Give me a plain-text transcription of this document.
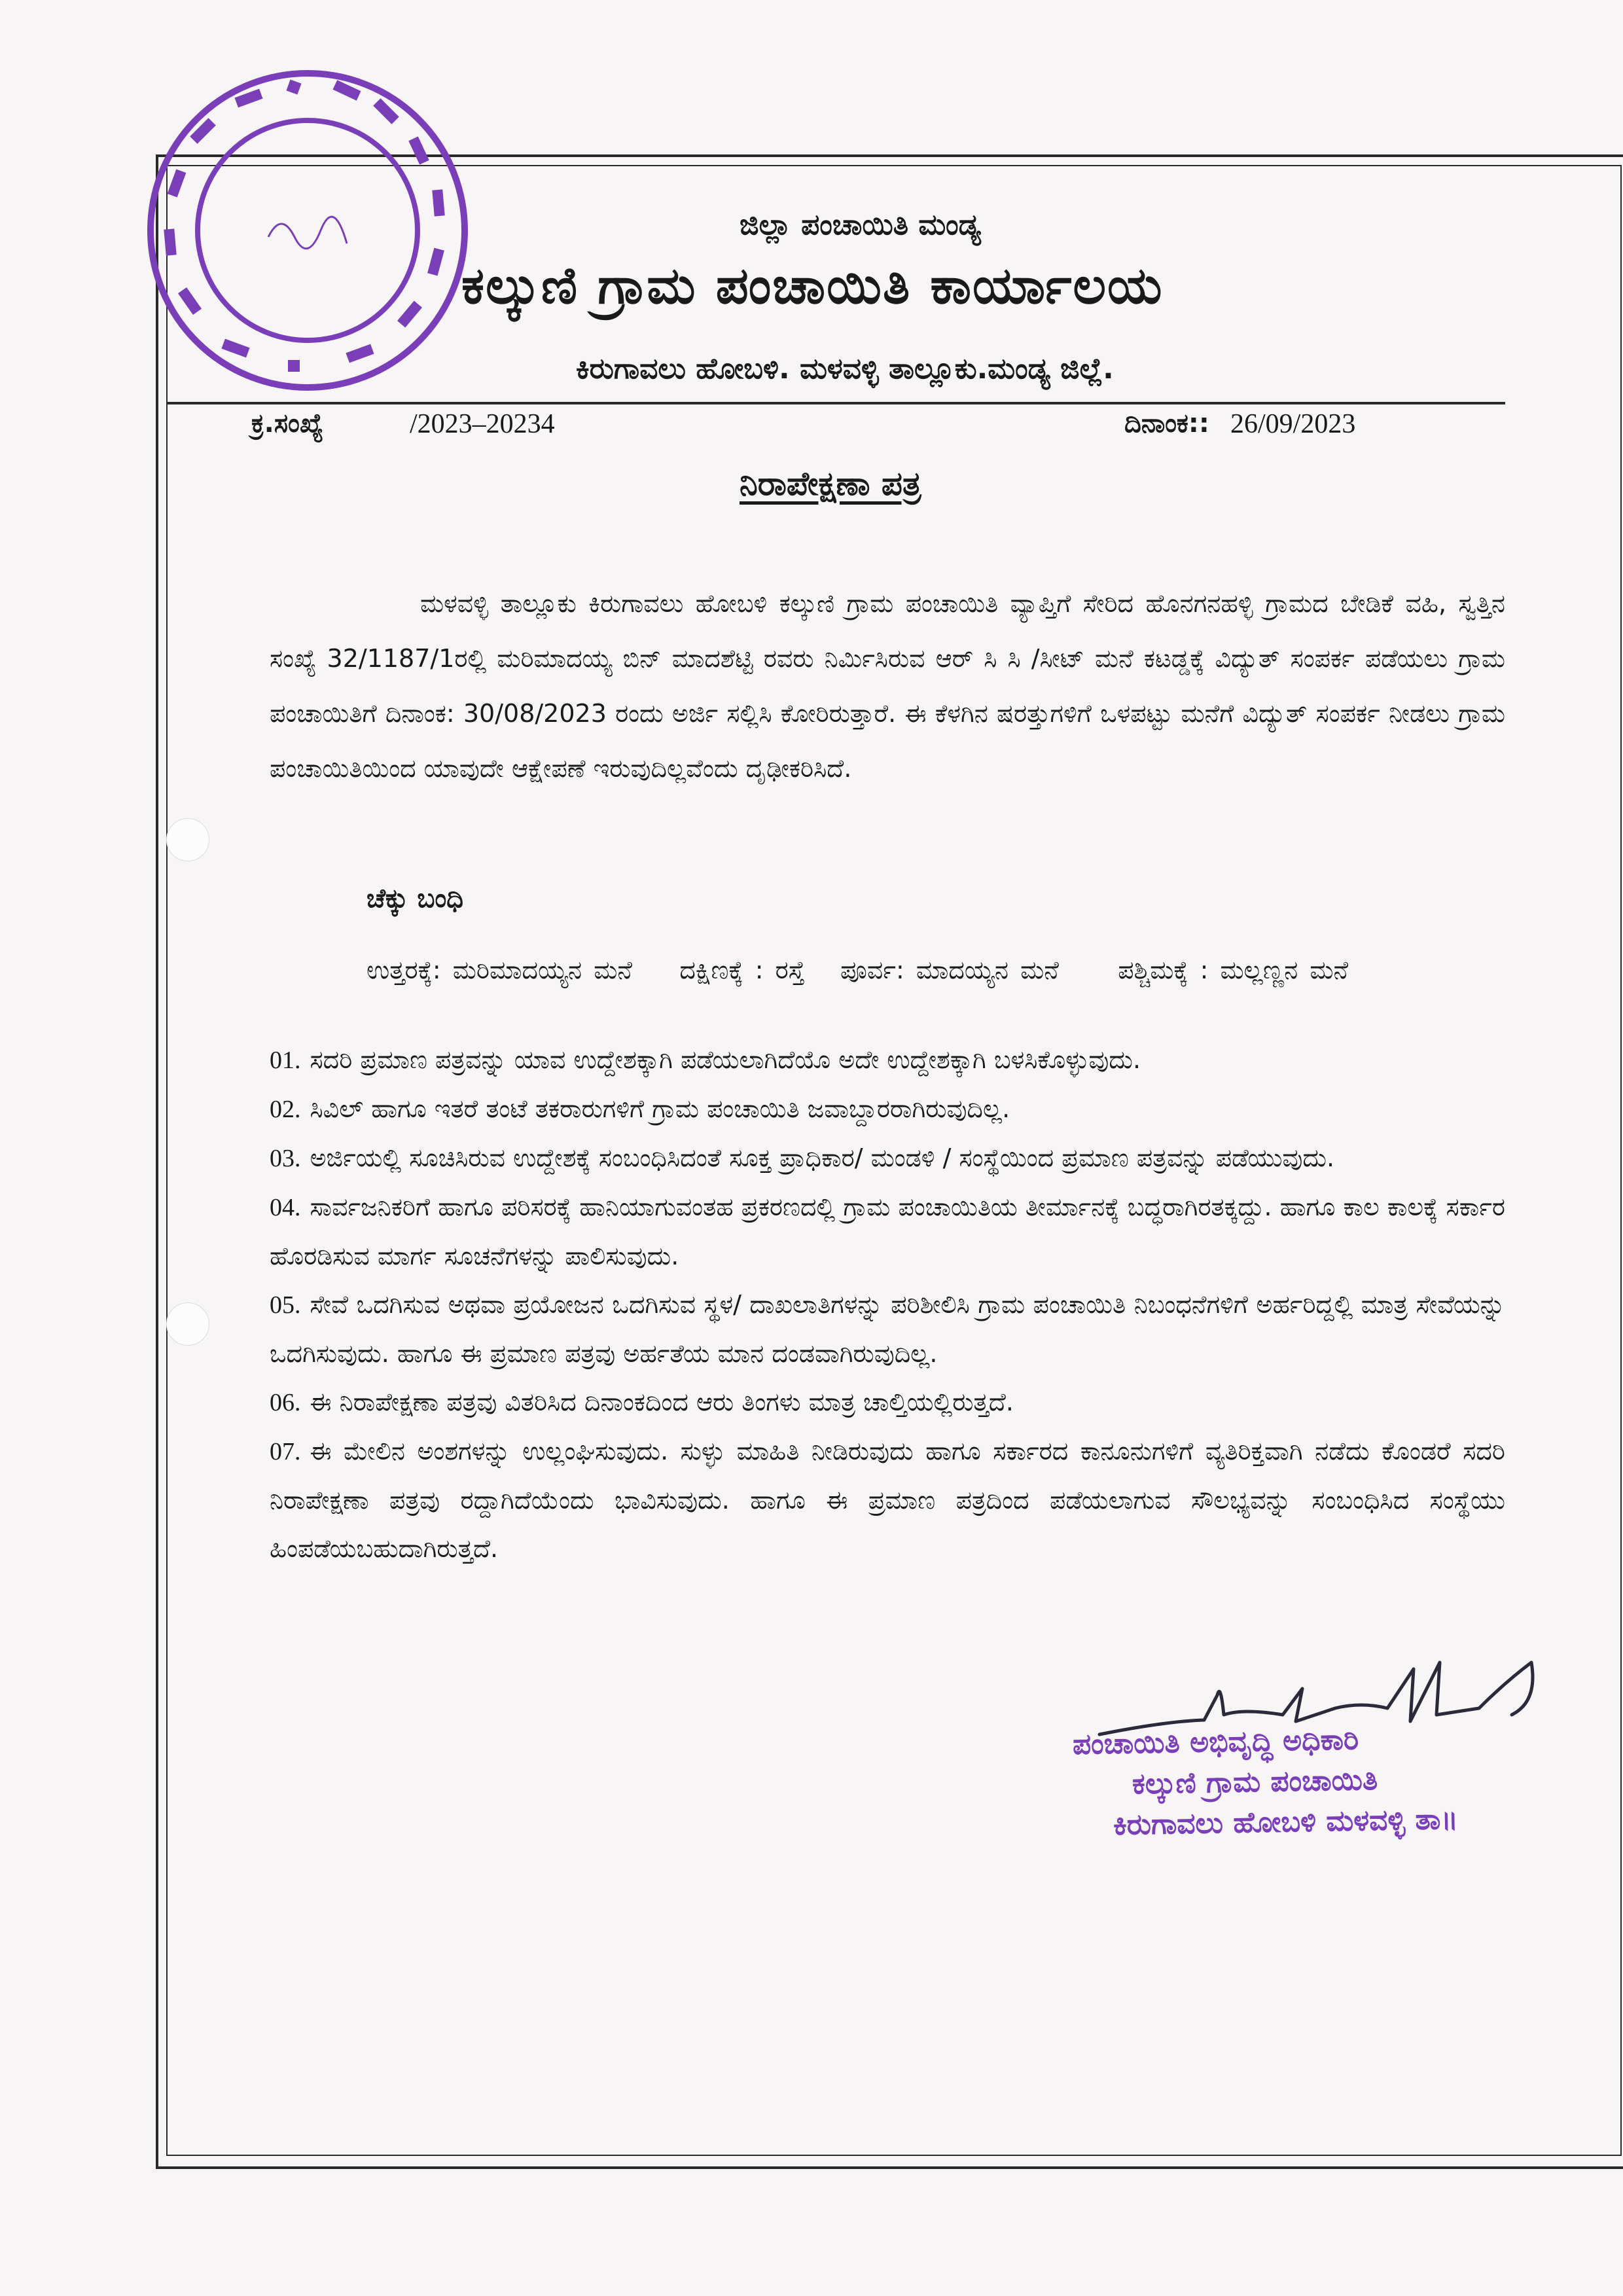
ಜಿಲ್ಲಾ ಪಂಚಾಯಿತಿ ಮಂಡ್ಯ
ಕಲ್ಕುಣಿ ಗ್ರಾಮ ಪಂಚಾಯಿತಿ ಕಾರ್ಯಾಲಯ
ಕಿರುಗಾವಲು ಹೋಬಳಿ. ಮಳವಳ್ಳಿ ತಾಲ್ಲೂಕು.ಮಂಡ್ಯ ಜಿಲ್ಲೆ.
ಕ್ರ.ಸಂಖ್ಯೆ	/2023–20234	ದಿನಾಂಕ:: 26/09/2023
ನಿರಾಪೇಕ್ಷಣಾ ಪತ್ರ

ಮಳವಳ್ಳಿ ತಾಲ್ಲೂಕು ಕಿರುಗಾವಲು ಹೋಬಳಿ ಕಲ್ಕುಣಿ ಗ್ರಾಮ ಪಂಚಾಯಿತಿ ವ್ಯಾಪ್ತಿಗೆ ಸೇರಿದ ಹೊನಗನಹಳ್ಳಿ ಗ್ರಾಮದ ಬೇಡಿಕೆ ವಹಿ, ಸ್ವತ್ತಿನ ಸಂಖ್ಯೆ 32/1187/1ರಲ್ಲಿ ಮರಿಮಾದಯ್ಯ ಬಿನ್ ಮಾದಶೆಟ್ಟಿ ರವರು ನಿರ್ಮಿಸಿರುವ ಆರ್ ಸಿ ಸಿ /ಸೀಟ್ ಮನೆ ಕಟಡ್ಡಕ್ಕೆ ವಿದ್ಯುತ್ ಸಂಪರ್ಕ ಪಡೆಯಲು ಗ್ರಾಮ ಪಂಚಾಯಿತಿಗೆ ದಿನಾಂಕ: 30/08/2023 ರಂದು ಅರ್ಜಿ ಸಲ್ಲಿಸಿ ಕೋರಿರುತ್ತಾರೆ. ಈ ಕೆಳಗಿನ ಷರತ್ತುಗಳಿಗೆ ಒಳಪಟ್ಟು ಮನೆಗೆ ವಿದ್ಯುತ್ ಸಂಪರ್ಕ ನೀಡಲು ಗ್ರಾಮ ಪಂಚಾಯಿತಿಯಿಂದ ಯಾವುದೇ ಆಕ್ಷೇಪಣೆ ಇರುವುದಿಲ್ಲವೆಂದು ದೃಢೀಕರಿಸಿದೆ.

ಚೆಕ್ಕು ಬಂಧಿ
ಉತ್ತರಕ್ಕೆ: ಮರಿಮಾದಯ್ಯನ ಮನೆ    ದಕ್ಷಿಣಕ್ಕೆ : ರಸ್ತೆ   ಪೂರ್ವ: ಮಾದಯ್ಯನ ಮನೆ     ಪಶ್ಚಿಮಕ್ಕೆ : ಮಲ್ಲಣ್ಣನ ಮನೆ

01. ಸದರಿ ಪ್ರಮಾಣ ಪತ್ರವನ್ನು ಯಾವ ಉದ್ದೇಶಕ್ಕಾಗಿ ಪಡೆಯಲಾಗಿದೆಯೊ ಅದೇ ಉದ್ದೇಶಕ್ಕಾಗಿ ಬಳಸಿಕೊಳ್ಳುವುದು.

02. ಸಿವಿಲ್ ಹಾಗೂ ಇತರೆ ತಂಟೆ ತಕರಾರುಗಳಿಗೆ ಗ್ರಾಮ ಪಂಚಾಯಿತಿ ಜವಾಬ್ದಾರರಾಗಿರುವುದಿಲ್ಲ.

03. ಅರ್ಜಿಯಲ್ಲಿ ಸೂಚಿಸಿರುವ ಉದ್ದೇಶಕ್ಕೆ ಸಂಬಂಧಿಸಿದಂತೆ ಸೂಕ್ತ ಪ್ರಾಧಿಕಾರ/ ಮಂಡಳಿ / ಸಂಸ್ಥೆಯಿಂದ ಪ್ರಮಾಣ ಪತ್ರವನ್ನು ಪಡೆಯುವುದು.

04. ಸಾರ್ವಜನಿಕರಿಗೆ ಹಾಗೂ ಪರಿಸರಕ್ಕೆ ಹಾನಿಯಾಗುವಂತಹ ಪ್ರಕರಣದಲ್ಲಿ ಗ್ರಾಮ ಪಂಚಾಯಿತಿಯ ತೀರ್ಮಾನಕ್ಕೆ ಬದ್ಧರಾಗಿರತಕ್ಕದ್ದು. ಹಾಗೂ ಕಾಲ ಕಾಲಕ್ಕೆ ಸರ್ಕಾರ ಹೊರಡಿಸುವ ಮಾರ್ಗ ಸೂಚನೆಗಳನ್ನು ಪಾಲಿಸುವುದು.

05. ಸೇವೆ ಒದಗಿಸುವ ಅಥವಾ ಪ್ರಯೋಜನ ಒದಗಿಸುವ ಸ್ಥಳ/ ದಾಖಲಾತಿಗಳನ್ನು ಪರಿಶೀಲಿಸಿ ಗ್ರಾಮ ಪಂಚಾಯಿತಿ ನಿಬಂಧನೆಗಳಿಗೆ ಅರ್ಹರಿದ್ದಲ್ಲಿ ಮಾತ್ರ ಸೇವೆಯನ್ನು ಒದಗಿಸುವುದು. ಹಾಗೂ ಈ ಪ್ರಮಾಣ ಪತ್ರವು ಅರ್ಹತೆಯ ಮಾನ ದಂಡವಾಗಿರುವುದಿಲ್ಲ.

06. ಈ ನಿರಾಪೇಕ್ಷಣಾ ಪತ್ರವು ವಿತರಿಸಿದ ದಿನಾಂಕದಿಂದ ಆರು ತಿಂಗಳು ಮಾತ್ರ ಚಾಲ್ತಿಯಲ್ಲಿರುತ್ತದೆ.

07. ಈ ಮೇಲಿನ ಅಂಶಗಳನ್ನು ಉಲ್ಲಂಘಿಸುವುದು. ಸುಳ್ಳು ಮಾಹಿತಿ ನೀಡಿರುವುದು ಹಾಗೂ ಸರ್ಕಾರದ ಕಾನೂನುಗಳಿಗೆ ವ್ಯತಿರಿಕ್ತವಾಗಿ ನಡೆದು ಕೊಂಡರೆ ಸದರಿ ನಿರಾಪೇಕ್ಷಣಾ ಪತ್ರವು ರದ್ದಾಗಿದೆಯೆಂದು ಭಾವಿಸುವುದು. ಹಾಗೂ ಈ ಪ್ರಮಾಣ ಪತ್ರದಿಂದ ಪಡೆಯಲಾಗುವ ಸೌಲಭ್ಯವನ್ನು ಸಂಬಂಧಿಸಿದ ಸಂಸ್ಥೆಯು ಹಿಂಪಡೆಯಬಹುದಾಗಿರುತ್ತದೆ.

ಪಂಚಾಯಿತಿ ಅಭಿವೃದ್ಧಿ ಅಧಿಕಾರಿ
ಕಲ್ಕುಣಿ ಗ್ರಾಮ ಪಂಚಾಯಿತಿ
ಕಿರುಗಾವಲು ಹೋಬಳಿ ಮಳವಳ್ಳಿ ತಾ॥
